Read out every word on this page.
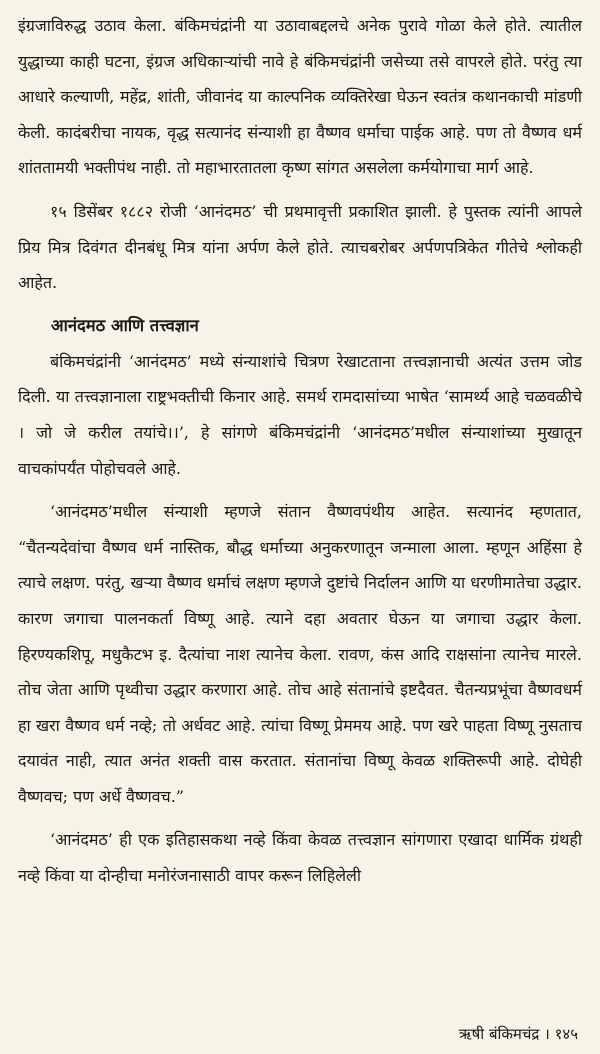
इंग्रजाविरुद्ध उठाव केला. बंकिमचंद्रांनी या उठावाबद्दलचे अनेक पुरावे गोळा केले होते. त्यातील युद्धाच्या काही घटना, इंग्रज अधिकाऱ्यांची नावे हे बंकिमचंद्रांनी जसेच्या तसे वापरले होते. परंतु त्या आधारे कल्याणी, महेंद्र, शांती, जीवानंद या काल्पनिक व्यक्तिरेखा घेऊन स्वतंत्र कथानकाची मांडणी केली. कादंबरीचा नायक, वृद्ध सत्यानंद संन्याशी हा वैष्णव धर्माचा पाईक आहे. पण तो वैष्णव धर्म शांततामयी भक्तीपंथ नाही. तो महाभारतातला कृष्ण सांगत असलेला कर्मयोगाचा मार्ग आहे.

१५ डिसेंबर १८८२ रोजी ‘आनंदमठ’ ची प्रथमावृत्ती प्रकाशित झाली. हे पुस्तक त्यांनी आपले प्रिय मित्र दिवंगत दीनबंधू मित्र यांना अर्पण केले होते. त्याचबरोबर अर्पणपत्रिकेत गीतेचे श्लोकही आहेत.

आनंदमठ आणि तत्त्वज्ञान

बंकिमचंद्रांनी ‘आनंदमठ’ मध्ये संन्याशांचे चित्रण रेखाटताना तत्त्वज्ञानाची अत्यंत उत्तम जोड दिली. या तत्त्वज्ञानाला राष्ट्रभक्तीची किनार आहे. समर्थ रामदासांच्या भाषेत ‘सामर्थ्य आहे चळवळीचे । जो जे करील तयांचे।।’, हे सांगणे बंकिमचंद्रांनी ‘आनंदमठ’मधील संन्याशांच्या मुखातून वाचकांपर्यंत पोहोचवले आहे.

‘आनंदमठ’मधील संन्याशी म्हणजे संतान वैष्णवपंथीय आहेत. सत्यानंद म्हणतात, “चैतन्यदेवांचा वैष्णव धर्म नास्तिक, बौद्ध धर्माच्या अनुकरणातून जन्माला आला. म्हणून अहिंसा हे त्याचे लक्षण. परंतु, खऱ्या वैष्णव धर्माचं लक्षण म्हणजे दुष्टांचे निर्दालन आणि या धरणीमातेचा उद्धार. कारण जगाचा पालनकर्ता विष्णू आहे. त्याने दहा अवतार घेऊन या जगाचा उद्धार केला. हिरण्यकशिपू, मधुकैटभ इ. दैत्यांचा नाश त्यानेच केला. रावण, कंस आदि राक्षसांना त्यानेच मारले. तोच जेता आणि पृथ्वीचा उद्धार करणारा आहे. तोच आहे संतानांचे इष्टदैवत. चैतन्यप्रभूंचा वैष्णवधर्म हा खरा वैष्णव धर्म नव्हे; तो अर्धवट आहे. त्यांचा विष्णू प्रेममय आहे. पण खरे पाहता विष्णू नुसताच दयावंत नाही, त्यात अनंत शक्ती वास करतात. संतानांचा विष्णू केवळ शक्तिरूपी आहे. दोघेही वैष्णवच; पण अर्धे वैष्णवच.”

‘आनंदमठ’ ही एक इतिहासकथा नव्हे किंवा केवळ तत्त्वज्ञान सांगणारा एखादा धार्मिक ग्रंथही नव्हे किंवा या दोन्हीचा मनोरंजनासाठी वापर करून लिहिलेली

ऋषी बंकिमचंद्र । १४५
